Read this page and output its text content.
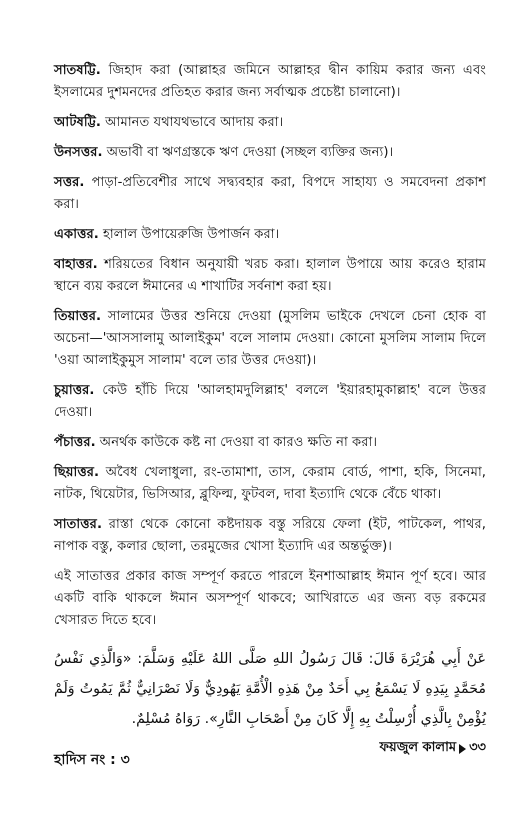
সাতষট্টি. জিহাদ করা (আল্লাহর জমিনে আল্লাহর দ্বীন কায়িম করার জন্য এবং ইসলামের দুশমনদের প্রতিহত করার জন্য সর্বাত্মক প্রচেষ্টা চালানো)।

আটষট্টি. আমানত যথাযথভাবে আদায় করা।

উনসত্তর. অভাবী বা ঋণগ্রস্তকে ঋণ দেওয়া (সচ্ছল ব্যক্তির জন্য)।

সত্তর. পাড়া-প্রতিবেশীর সাথে সদ্ব্যবহার করা, বিপদে সাহায্য ও সমবেদনা প্রকাশ করা।

একাত্তর. হালাল উপায়েরুজি উপার্জন করা।

বাহাত্তর. শরিয়তের বিধান অনুযায়ী খরচ করা। হালাল উপায়ে আয় করেও হারাম স্থানে ব্যয় করলে ঈমানের এ শাখাটির সর্বনাশ করা হয়।

তিয়াত্তর. সালামের উত্তর শুনিয়ে দেওয়া (মুসলিম ভাইকে দেখলে চেনা হোক বা অচেনা—'আসসালামু আলাইকুম' বলে সালাম দেওয়া। কোনো মুসলিম সালাম দিলে 'ওয়া আলাইকুমুস সালাম' বলে তার উত্তর দেওয়া)।

চুয়াত্তর. কেউ হাঁচি দিয়ে 'আলহামদুলিল্লাহ' বললে 'ইয়ারহামুকাল্লাহ' বলে উত্তর দেওয়া।

পঁচাত্তর. অনর্থক কাউকে কষ্ট না দেওয়া বা কারও ক্ষতি না করা।

ছিয়াত্তর. অবৈধ খেলাধুলা, রং-তামাশা, তাস, কেরাম বোর্ড, পাশা, হকি, সিনেমা, নাটক, থিয়েটার, ভিসিআর, ব্লুফিল্ম, ফুটবল, দাবা ইত্যাদি থেকে বেঁচে থাকা।

সাতাত্তর. রাস্তা থেকে কোনো কষ্টদায়ক বস্তু সরিয়ে ফেলা (ইট, পাটকেল, পাথর, নাপাক বস্তু, কলার ছোলা, তরমুজের খোসা ইত্যাদি এর অন্তর্ভুক্ত)।

এই সাতাত্তর প্রকার কাজ সম্পূর্ণ করতে পারলে ইনশাআল্লাহ ঈমান পূর্ণ হবে। আর একটি বাকি থাকলে ঈমান অসম্পূর্ণ থাকবে; আখিরাতে এর জন্য বড় রকমের খেসারত দিতে হবে।

عَنْ أَبِي هُرَيْرَةَ قَالَ: قَالَ رَسُولُ اللهِ صَلَّى اللهُ عَلَيْهِ وَسَلَّمَ: «وَالَّذِي نَفْسُ مُحَمَّدٍ بِيَدِهِ لَا يَسْمَعُ بِي أَحَدٌ مِنْ هَذِهِ الْأُمَّةِ يَهُودِيٌّ وَلَا نَصْرَانِيٌّ ثُمَّ يَمُوتُ وَلَمْ يُؤْمِنْ بِالَّذِي أُرْسِلْتُ بِهِ إِلَّا كَانَ مِنْ أَصْحَابِ النَّارِ». رَوَاهُ مُسْلِمٌ.

হাদিস নং : ৩

ফয়জুল কালাম ৩৩
